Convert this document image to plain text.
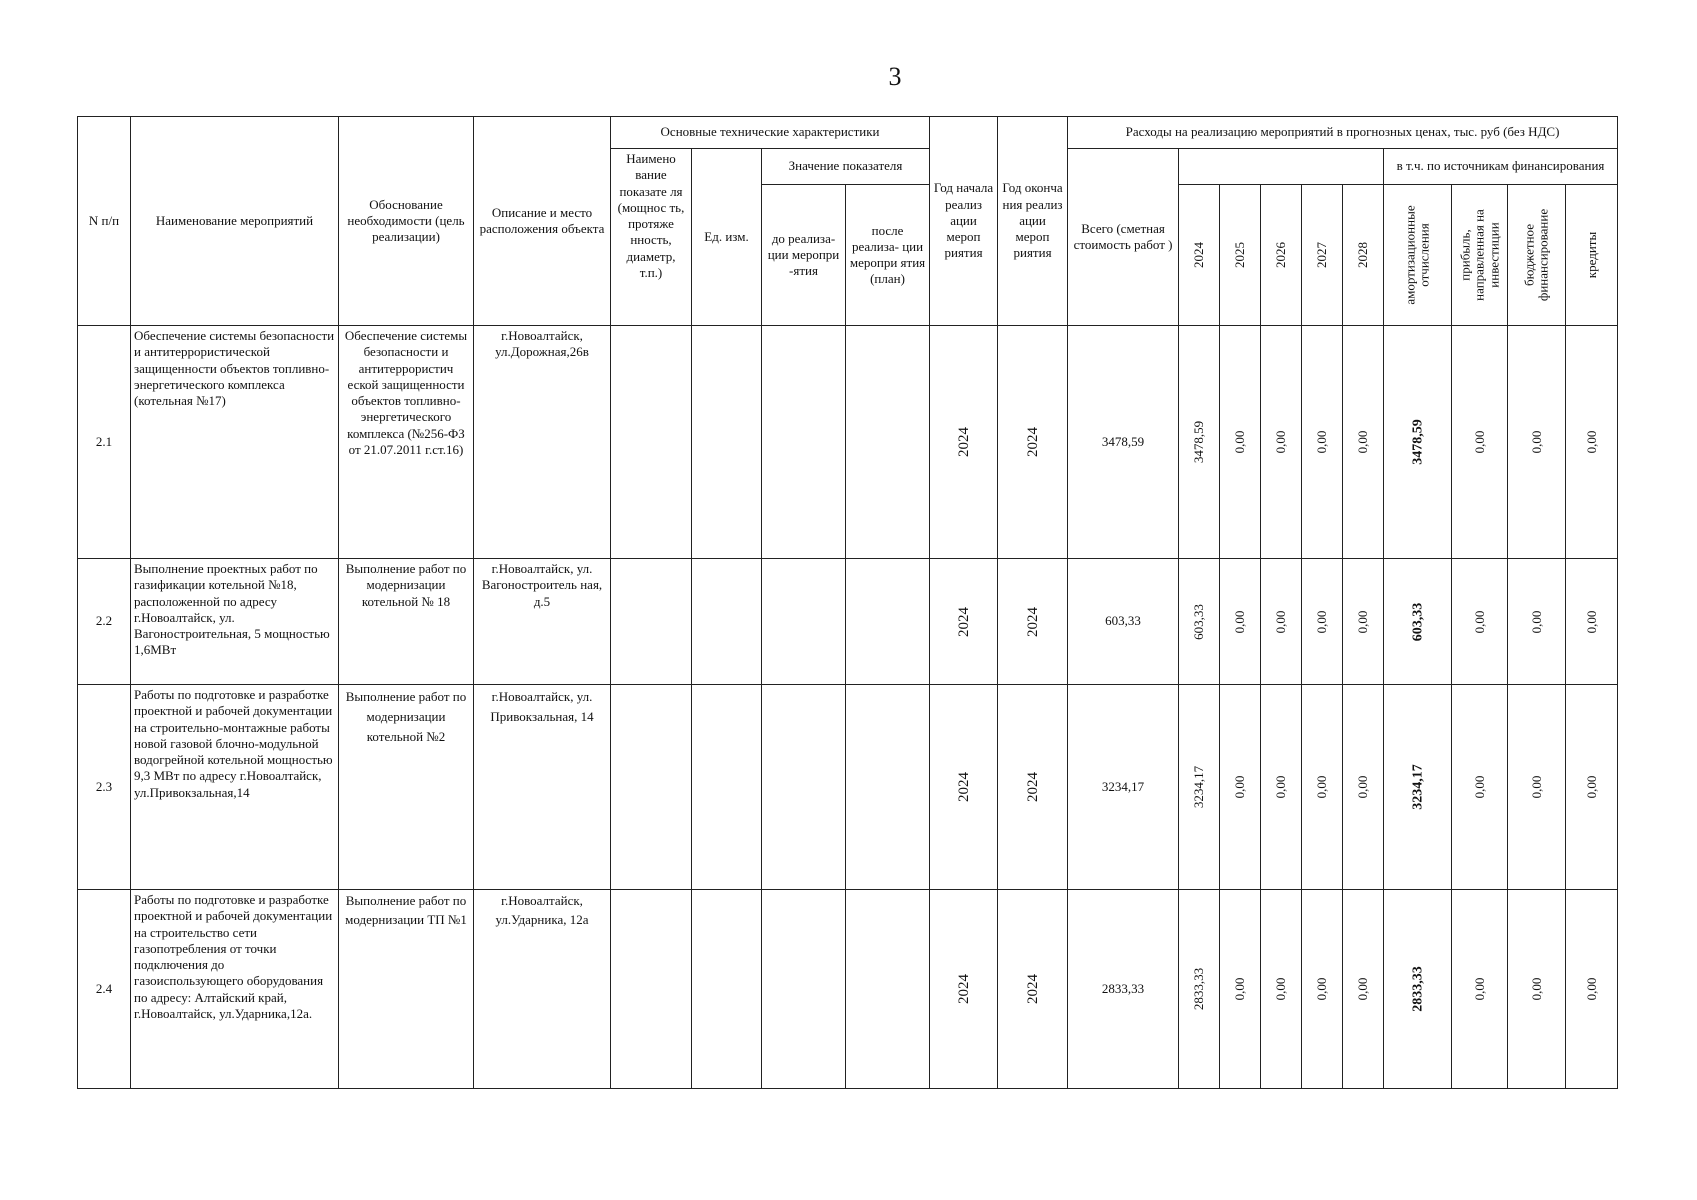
3
N п/п	Наименование мероприятий	Обоснование необходимости (цель реализации)	Описание и место расположения объекта	Основные технические характеристики				Год начала реализ ации мероп риятия	Год оконча ния реализ ации мероп риятия	Расходы на реализацию мероприятий в прогнозных ценах, тыс. руб (без НДС)									
				Наимено вание показате ля (мощнос ть, протяже нность, диаметр, т.п.)	Ед. изм.	Значение показателя				Всего (сметная стоимость работ )						в т.ч. по источникам финансирования			
						до реализа- ции меропри -ятия	после реализа- ции меропри ятия (план)				2024	2025	2026	2027	2028	амортизационные отчисления	прибыль, направленная на инвестиции	бюджетное финансирование	кредиты

2.1	Обеспечение системы безопасности и антитеррористической защищенности объектов топливно-энергетического комплекса (котельная №17)	Обеспечение системы безопасности и антитеррористич еской защищенности объектов топливно-энергетического комплекса (№256-ФЗ от 21.07.2011 г.ст.16)	г.Новоалтайск, ул.Дорожная,26в					2024	2024	3478,59	3478,59	0,00	0,00	0,00	0,00	3478,59	0,00	0,00	0,00

2.2	Выполнение проектных работ по газификации котельной №18, расположенной по адресу г.Новоалтайск, ул. Вагоностроительная, 5 мощностью 1,6МВт	Выполнение работ по модернизации котельной № 18	г.Новоалтайск, ул. Вагоностроитель ная, д.5					2024	2024	603,33	603,33	0,00	0,00	0,00	0,00	603,33	0,00	0,00	0,00

2.3	Работы по подготовке и разработке проектной и рабочей документации на строительно-монтажные работы новой газовой блочно-модульной водогрейной котельной мощностью 9,3 МВт по адресу г.Новоалтайск, ул.Привокзальная,14	Выполнение работ по модернизации котельной №2	г.Новоалтайск, ул. Привокзальная, 14					2024	2024	3234,17	3234,17	0,00	0,00	0,00	0,00	3234,17	0,00	0,00	0,00

2.4	Работы по подготовке и разработке проектной и рабочей документации на строительство сети газопотребления от точки подключения до газоиспользующего оборудования по адресу: Алтайский край, г.Новоалтайск, ул.Ударника,12а.	Выполнение работ по модернизации ТП №1	г.Новоалтайск, ул.Ударника, 12а					2024	2024	2833,33	2833,33	0,00	0,00	0,00	0,00	2833,33	0,00	0,00	0,00
